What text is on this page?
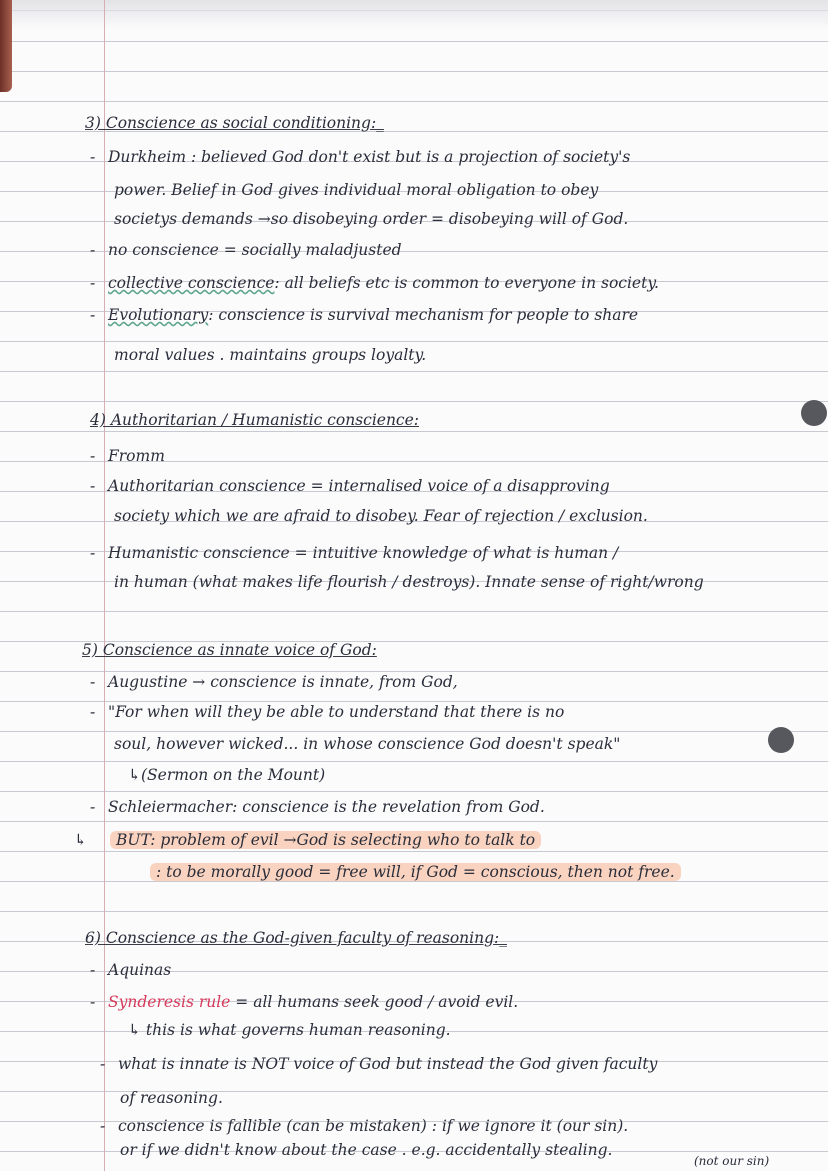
3) Conscience as social conditioning:_
- Durkheim : believed God don't exist but is a projection of society's
power. Belief in God gives individual moral obligation to obey
societys demands →so disobeying order = disobeying will of God.
- no conscience = socially maladjusted
- collective conscience: all beliefs etc is common to everyone in society.
- Evolutionary: conscience is survival mechanism for people to share
moral values . maintains groups loyalty.
4) Authoritarian / Humanistic conscience:
- Fromm
- Authoritarian conscience = internalised voice of a disapproving
society which we are afraid to disobey. Fear of rejection / exclusion.
- Humanistic conscience = intuitive knowledge of what is human /
in human (what makes life flourish / destroys). Innate sense of right/wrong
5) Conscience as innate voice of God:
- Augustine → conscience is innate, from God,
- "For when will they be able to understand that there is no
soul, however wicked... in whose conscience God doesn't speak"
↳(Sermon on the Mount)
- Schleiermacher: conscience is the revelation from God.
↳ BUT: problem of evil →God is selecting who to talk to
: to be morally good = free will, if God = conscious, then not free.
6) Conscience as the God-given faculty of reasoning:_
- Aquinas
- Synderesis rule = all humans seek good / avoid evil.
↳ this is what governs human reasoning.
- what is innate is NOT voice of God but instead the God given faculty
of reasoning.
- conscience is fallible (can be mistaken) : if we ignore it (our sin).
or if we didn't know about the case . e.g. accidentally stealing.
(not our sin)
